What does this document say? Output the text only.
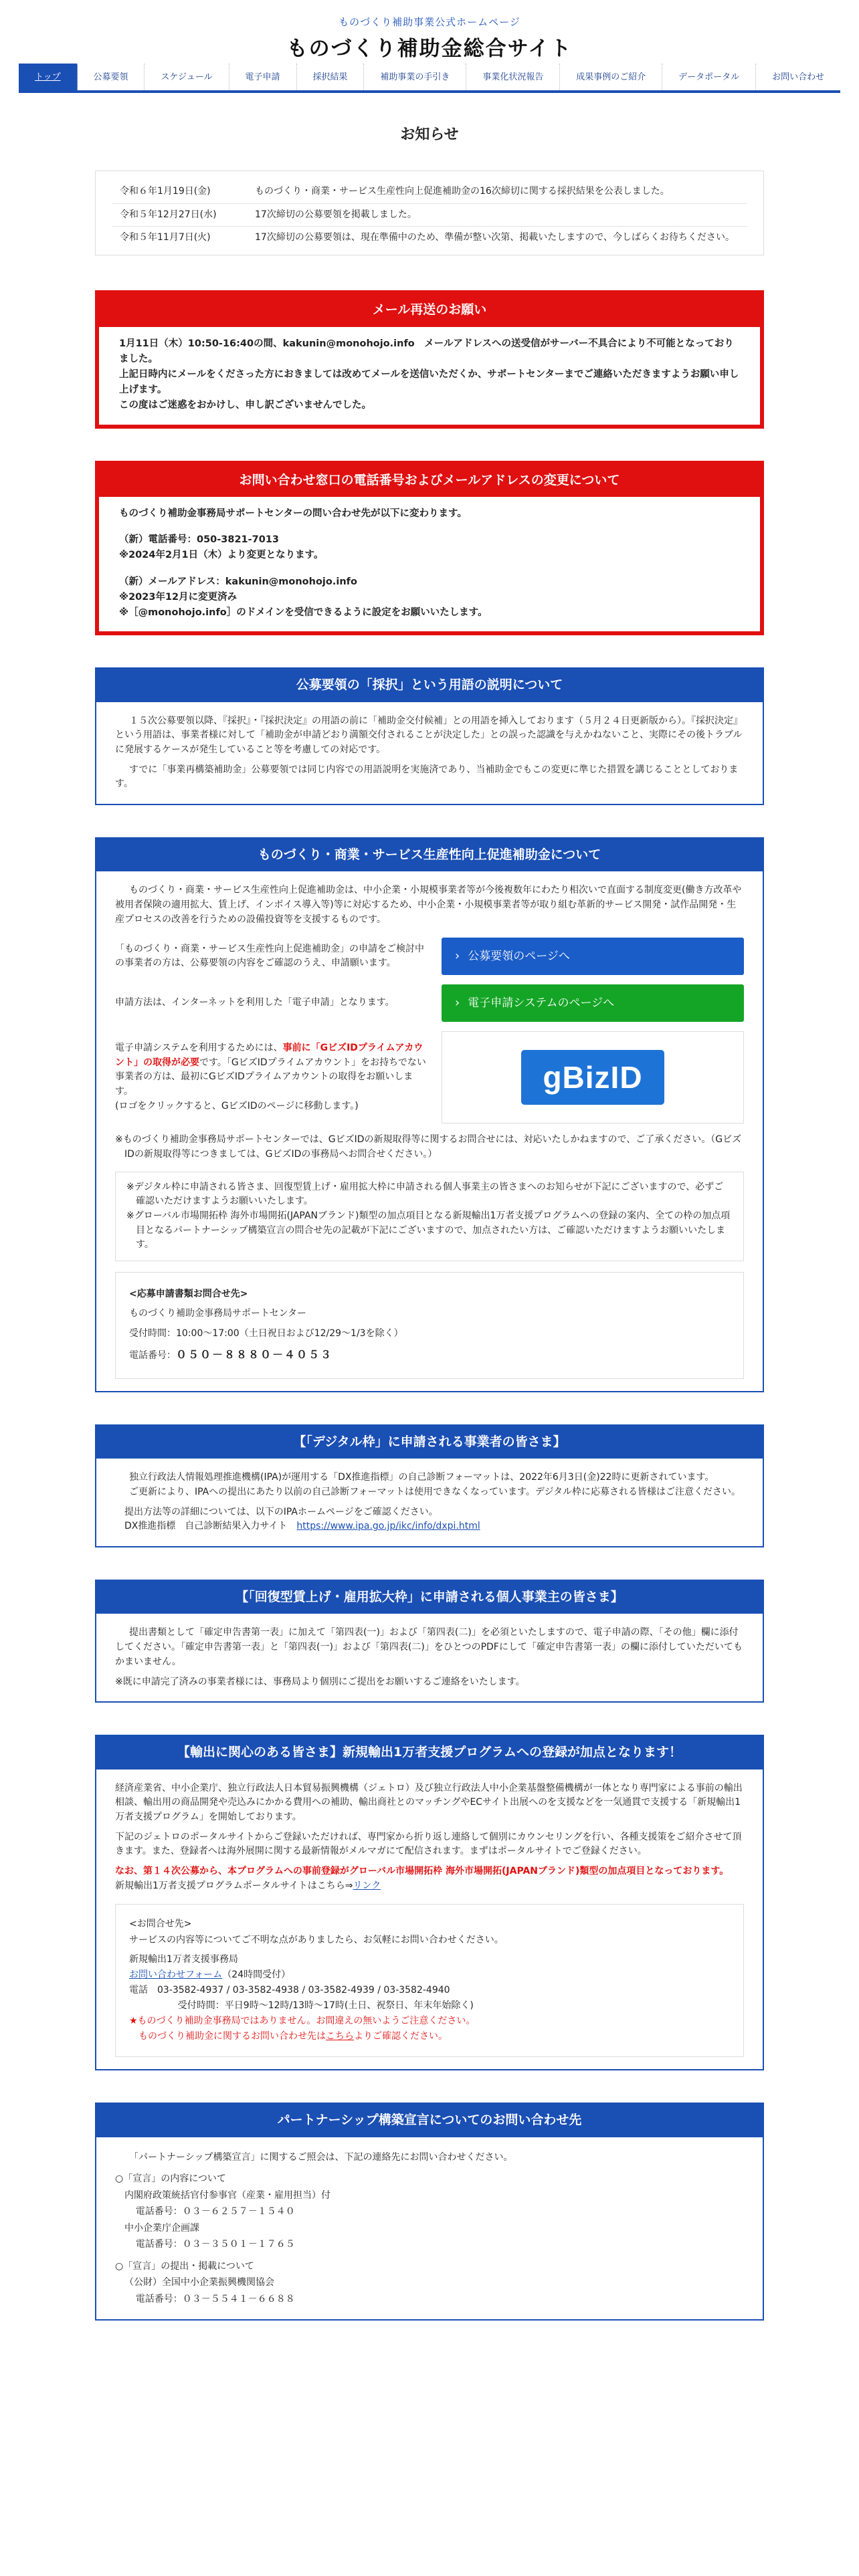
ものづくり補助事業公式ホームページ
ものづくり補助金総合サイト
トップ	公募要領	スケジュール	電子申請	採択結果	補助事業の手引き	事業化状況報告	成果事例のご紹介	データポータル	お問い合わせ
お知らせ
令和６年1月19日(金)	ものづくり・商業・サービス生産性向上促進補助金の16次締切に関する採択結果を公表しました。
令和５年12月27日(水)	17次締切の公募要領を掲載しました。
令和５年11月7日(火)	17次締切の公募要領は、現在準備中のため、準備が整い次第、掲載いたしますので、今しばらくお待ちください。
メール再送のお願い

1月11日（木）10:50-16:40の間、kakunin@monohojo.info　メールアドレスへの送受信がサーバー不具合により不可能となっておりました。

上記日時内にメールをくださった方におきましては改めてメールを送信いただくか、サポートセンターまでご連絡いただきますようお願い申し上げます。

この度はご迷惑をおかけし、申し訳ございませんでした。

お問い合わせ窓口の電話番号およびメールアドレスの変更について

ものづくり補助金事務局サポートセンターの問い合わせ先が以下に変わります。

（新）電話番号：050-3821-7013

※2024年2月1日（木）より変更となります。

（新）メールアドレス：kakunin@monohojo.info

※2023年12月に変更済み

※［@monohojo.info］のドメインを受信できるように設定をお願いいたします。

公募要領の「採択」という用語の説明について

１５次公募要領以降、『採択』・『採択決定』の用語の前に「補助金交付候補」との用語を挿入しております（５月２４日更新版から）。『採択決定』という用語は、事業者様に対して「補助金が申請どおり満額交付されることが決定した」との誤った認識を与えかねないこと、実際にその後トラブルに発展するケースが発生していること等を考慮しての対応です。

すでに「事業再構築補助金」公募要領では同じ内容での用語説明を実施済であり、当補助金でもこの変更に準じた措置を講じることとしております。

ものづくり・商業・サービス生産性向上促進補助金について

ものづくり・商業・サービス生産性向上促進補助金は、中小企業・小規模事業者等が今後複数年にわたり相次いで直面する制度変更(働き方改革や被用者保険の適用拡大、賃上げ、インボイス導入等)等に対応するため、中小企業・小規模事業者等が取り組む革新的サービス開発・試作品開発・生産プロセスの改善を行うための設備投資等を支援するものです。

「ものづくり・商業・サービス生産性向上促進補助金」の申請をご検討中の事業者の方は、公募要領の内容をご確認のうえ、申請願います。	› 公募要領のページへ
申請方法は、インターネットを利用した「電子申請」となります。	› 電子申請システムのページへ
電子申請システムを利用するためには、事前に「GビズIDプライムアカウント」の取得が必要です。「GビズIDプライムアカウント」をお持ちでない事業者の方は、最初にGビズIDプライムアカウントの取得をお願いします。
(ロゴをクリックすると、GビズIDのページに移動します。)
gBizID

※ものづくり補助金事務局サポートセンターでは、GビズIDの新規取得等に関するお問合せには、対応いたしかねますので、ご了承ください。（GビズIDの新規取得等につきましては、GビズIDの事務局へお問合せください。）

※デジタル枠に申請される皆さま、回復型賃上げ・雇用拡大枠に申請される個人事業主の皆さまへのお知らせが下記にございますので、必ずご確認いただけますようお願いいたします。

※グローバル市場開拓枠 海外市場開拓(JAPANブランド)類型の加点項目となる新規輸出1万者支援プログラムへの登録の案内、全ての枠の加点項目となるパートナーシップ構築宣言の問合せ先の記載が下記にございますので、加点されたい方は、ご確認いただけますようお願いいたします。

<応募申請書類お問合せ先>

ものづくり補助金事務局サポートセンター

受付時間：10:00～17:00（土日祝日および12/29～1/3を除く）

電話番号：０５０－８８８０－４０５３

【「デジタル枠」に申請される事業者の皆さま】

独立行政法人情報処理推進機構(IPA)が運用する「DX推進指標」の自己診断フォーマットは、2022年6月3日(金)22時に更新されています。

ご更新により、IPAへの提出にあたり以前の自己診断フォーマットは使用できなくなっています。デジタル枠に応募される皆様はご注意ください。

提出方法等の詳細については、以下のIPAホームページをご確認ください。

DX推進指標　自己診断結果入力サイト　 https://www.ipa.go.jp/ikc/info/dxpi.html

【「回復型賃上げ・雇用拡大枠」に申請される個人事業主の皆さま】

提出書類として「確定申告書第一表」に加えて「第四表(一)」および「第四表(二)」を必須といたしますので、電子申請の際、「その他」欄に添付してください。「確定申告書第一表」と「第四表(一)」および「第四表(二)」をひとつのPDFにして「確定申告書第一表」の欄に添付していただいてもかまいません。

※既に申請完了済みの事業者様には、事務局より個別にご提出をお願いするご連絡をいたします。

【輸出に関心のある皆さま】新規輸出1万者支援プログラムへの登録が加点となります！

経済産業省、中小企業庁、独立行政法人日本貿易振興機構（ジェトロ）及び独立行政法人中小企業基盤整備機構が一体となり専門家による事前の輸出相談、輸出用の商品開発や売込みにかかる費用への補助、輸出商社とのマッチングやECサイト出展へのを支援などを一気通貫で支援する「新規輸出1万者支援プログラム」を開始しております。

下記のジェトロのポータルサイトからご登録いただければ、専門家から折り返し連絡して個別にカウンセリングを行い、各種支援策をご紹介させて頂きます。また、登録者へは海外展開に関する最新情報がメルマガにて配信されます。まずはポータルサイトでご登録ください。

なお、第１４次公募から、本プログラムへの事前登録がグローバル市場開拓枠 海外市場開拓(JAPANブランド)類型の加点項目となっております。

新規輸出1万者支援プログラムポータルサイトはこちら⇒リンク

<お問合せ先>

サービスの内容等についてご不明な点がありましたら、お気軽にお問い合わせください。

新規輸出1万者支援事務局

お問い合わせフォーム（24時間受付）

電話　03-3582-4937 / 03-3582-4938 / 03-3582-4939 / 03-3582-4940

受付時間：平日9時～12時/13時～17時(土日、祝祭日、年末年始除く)

★ものづくり補助金事務局ではありません。お間違えの無いようご注意ください。

ものづくり補助金に関するお問い合わせ先はこちらよりご確認ください。

パートナーシップ構築宣言についてのお問い合わせ先

「パートナーシップ構築宣言」に関するご照会は、下記の連絡先にお問い合わせください。

○「宣言」の内容について

内閣府政策統括官付参事官（産業・雇用担当）付

電話番号：０３－６２５７－１５４０

中小企業庁企画課

電話番号：０３－３５０１－１７６５

○「宣言」の提出・掲載について

（公財）全国中小企業振興機関協会

電話番号：０３－５５４１－６６８８
